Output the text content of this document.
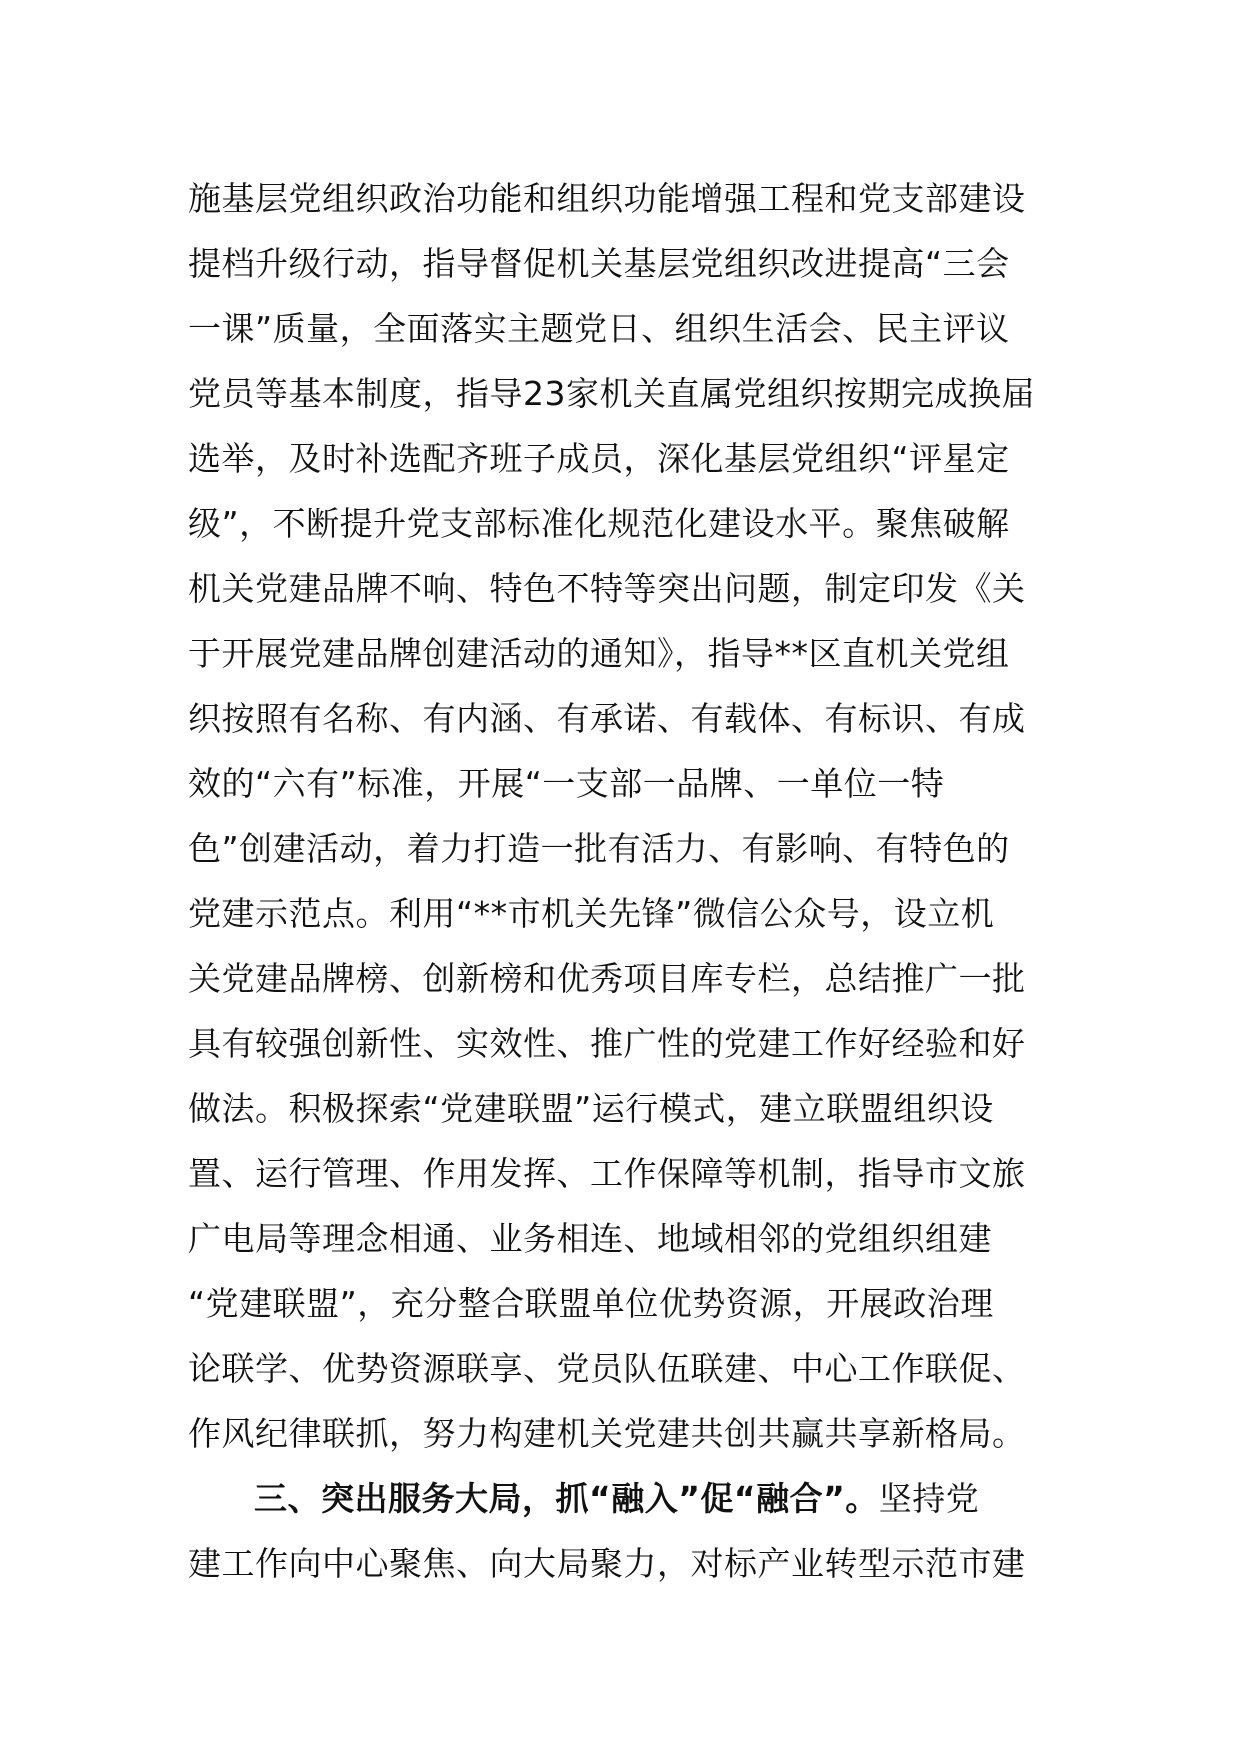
施基层党组织政治功能和组织功能增强工程和党支部建设
提档升级行动，指导督促机关基层党组织改进提高“三会
一课”质量，全面落实主题党日、组织生活会、民主评议
党员等基本制度，指导23家机关直属党组织按期完成换届
选举，及时补选配齐班子成员，深化基层党组织“评星定
级”，不断提升党支部标准化规范化建设水平。聚焦破解
机关党建品牌不响、特色不特等突出问题，制定印发《关
于开展党建品牌创建活动的通知》，指导**区直机关党组
织按照有名称、有内涵、有承诺、有载体、有标识、有成
效的“六有”标准，开展“一支部一品牌、一单位一特
色”创建活动，着力打造一批有活力、有影响、有特色的
党建示范点。利用“**市机关先锋”微信公众号，设立机
关党建品牌榜、创新榜和优秀项目库专栏，总结推广一批
具有较强创新性、实效性、推广性的党建工作好经验和好
做法。积极探索“党建联盟”运行模式，建立联盟组织设
置、运行管理、作用发挥、工作保障等机制，指导市文旅
广电局等理念相通、业务相连、地域相邻的党组织组建
“党建联盟”，充分整合联盟单位优势资源，开展政治理
论联学、优势资源联享、党员队伍联建、中心工作联促、
作风纪律联抓，努力构建机关党建共创共赢共享新格局。
三、突出服务大局，抓“融入”促“融合”。坚持党
建工作向中心聚焦、向大局聚力，对标产业转型示范市建
